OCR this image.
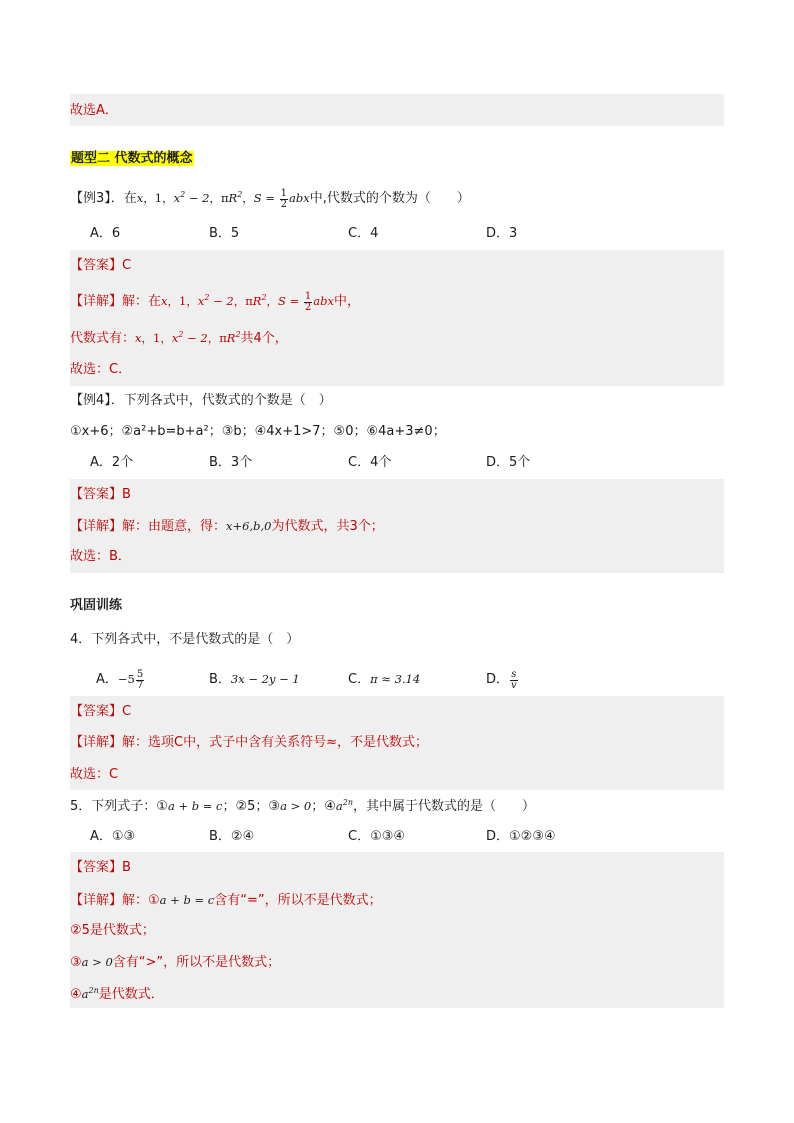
故选A．
题型二 代数式的概念
【例3】．在x，1，$x^2 - 2$，$\pi R^2$，$S = \frac{1}{2}$ abx中,代数式的个数为（　　）
A．6	B．5	C．4	D．3
【答案】C
【详解】解：在x，1，$x^2 - 2$，$\pi R^2$，$S = \frac{1}{2}$ abx中，
代数式有：x，1，$x^2 - 2$，$\pi R^2$共4个，
故选：C．
【例4】．下列各式中，代数式的个数是（　）
①x+6；②a²+b=b+a²；③b；④4x+1>7；⑤0；⑥4a+3≠0；
A．2个	B．3个	C．4个	D．5个
【答案】B
【详解】解：由题意，得：x+6,b,0为代数式，共3个；
故选：B．
巩固训练
4．下列各式中，不是代数式的是（　）
A．$-5 \frac{5}{7}$	B．3x − 2y − 1	C．π ≈ 3.14	D． $\frac{s}{v}$
【答案】C
【详解】解：选项C中，式子中含有关系符号≈，不是代数式；
故选：C
5．下列式子：①a + b = c；②5；③a > 0；$④a^{2n}$，其中属于代数式的是（　　）
A．①③	B．②④	C．①③④	D．①②③④
【答案】B
【详解】解：①a + b = c含有“=”，所以不是代数式；
②5是代数式；
③a > 0含有“>”，所以不是代数式；
$④a^{2n}$是代数式．
